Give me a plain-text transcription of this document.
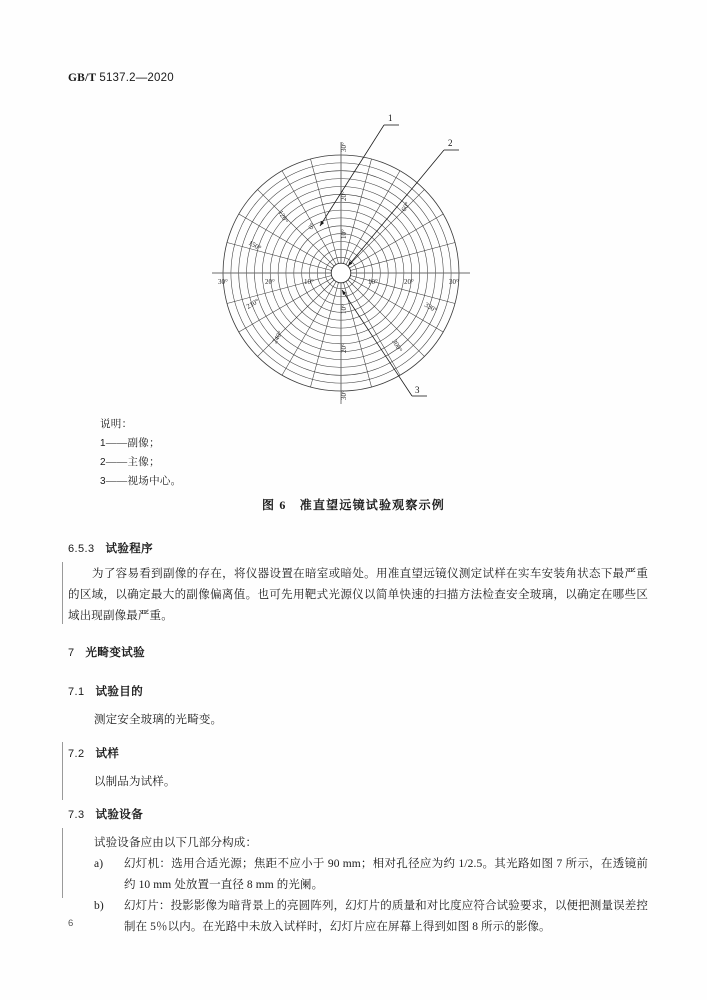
GB/T 5137.2—2020
30°	20°	10°	10°	20°	30°
30°
20°
10°
10°
20°
30°
60°
120°
150°
210°
240°
300°
330°
0°
1
2
3
说明：
1——副像；
2——主像；
3——视场中心。
图 6　准直望远镜试验观察示例
6.5.3 试验程序

为了容易看到副像的存在，将仪器设置在暗室或暗处。用准直望远镜仪测定试样在实车安装角状态下最严重的区域，以确定最大的副像偏离值。也可先用靶式光源仪以简单快速的扫描方法检查安全玻璃，以确定在哪些区域出现副像最严重。

7 光畸变试验
7.1 试验目的

测定安全玻璃的光畸变。

7.2 试样

以制品为试样。

7.3 试验设备

试验设备应由以下几部分构成：

a)	幻灯机：选用合适光源；焦距不应小于 90 mm；相对孔径应为约 1/2.5。其光路如图 7 所示，在透镜前约 10 mm 处放置一直径 8 mm 的光阑。
b)	幻灯片：投影影像为暗背景上的亮圆阵列，幻灯片的质量和对比度应符合试验要求，以便把测量误差控制在 5％以内。在光路中未放入试样时，幻灯片应在屏幕上得到如图 8 所示的影像。
6
